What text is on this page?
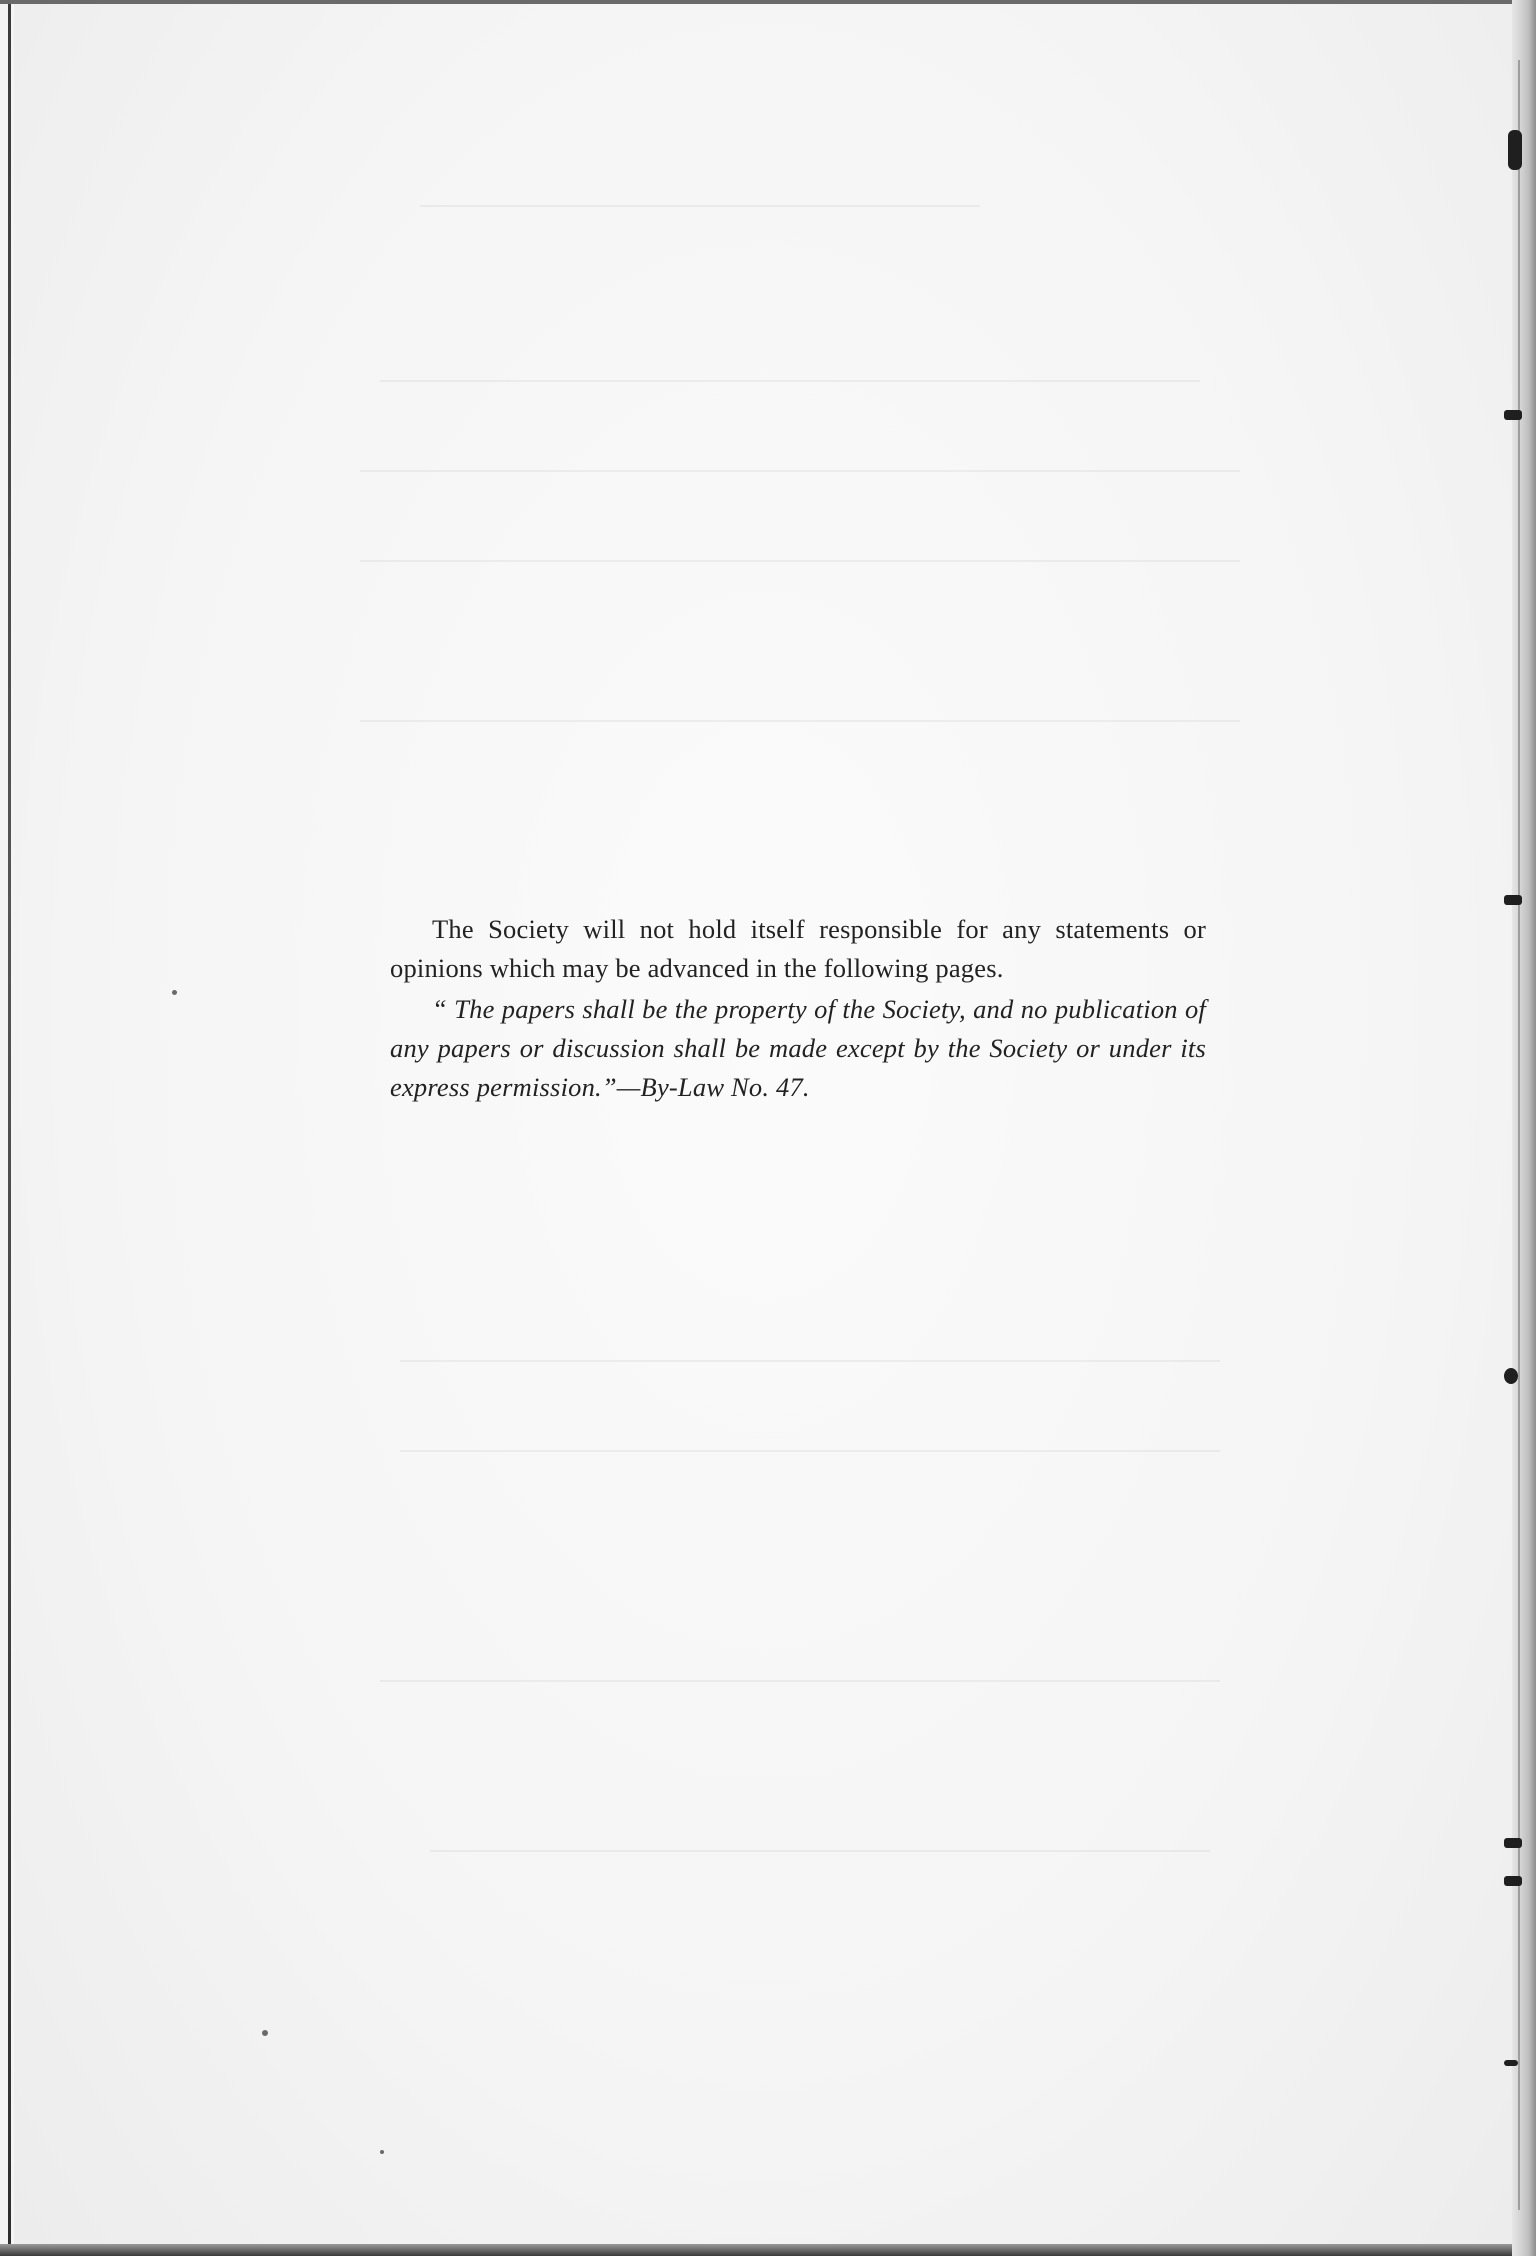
The Society will not hold itself responsible for any statements or opinions which may be advanced in the following pages.

“ The papers shall be the property of the Society, and no publication of any papers or discussion shall be made except by the Society or under its express permission.”—By-Law No. 47.
